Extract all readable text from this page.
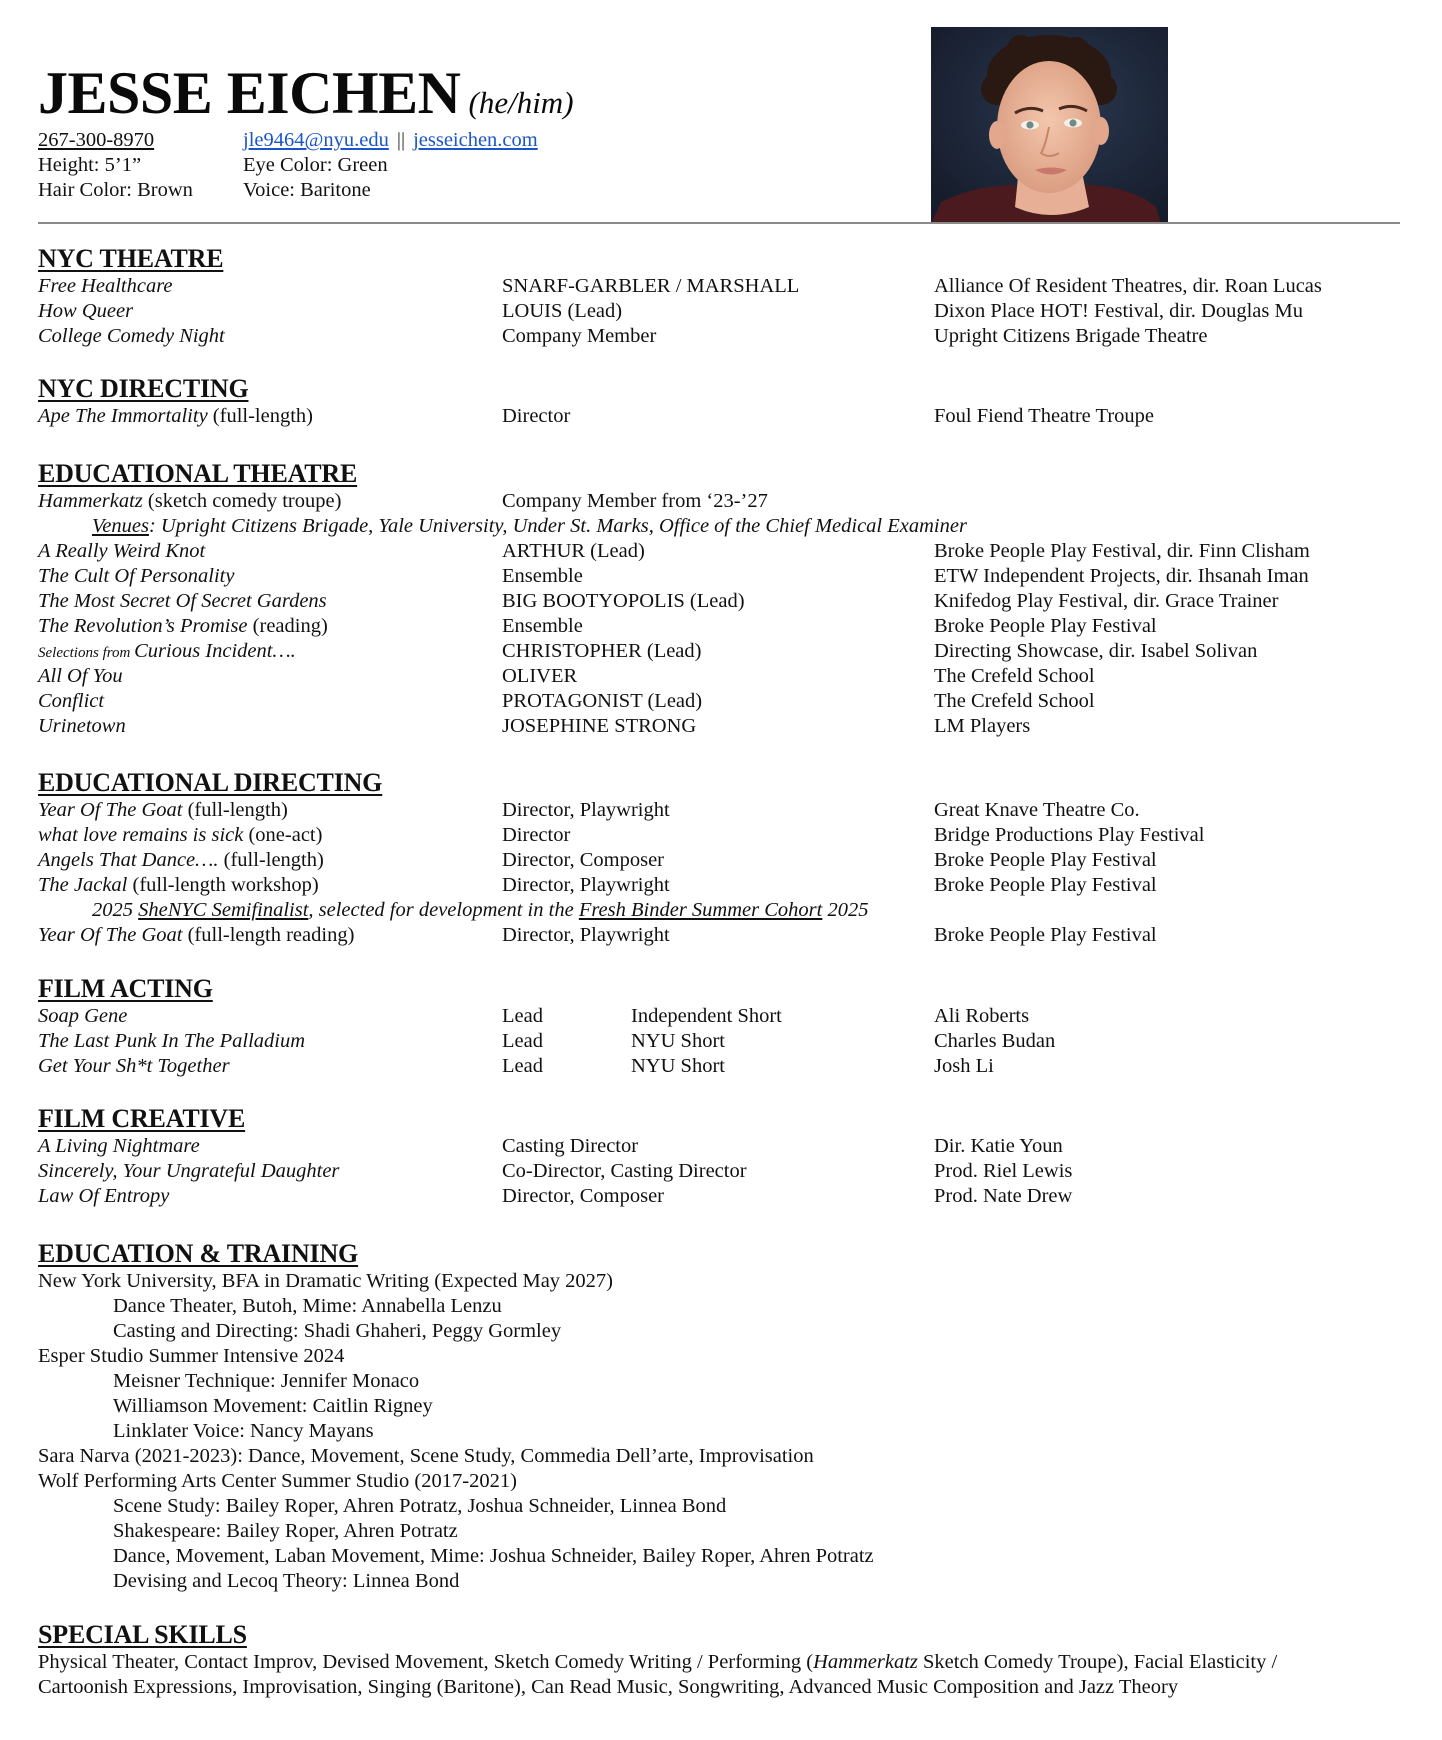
JESSE EICHEN (he/him)
267-300-8970
Height: 5’1”
Hair Color: Brown
jle9464@nyu.edu || jesseichen.com
Eye Color: Green
Voice: Baritone
NYC THEATRE
Free Healthcare	SNARF-GARBLER / MARSHALL	Alliance Of Resident Theatres, dir. Roan Lucas
How Queer	LOUIS (Lead)	Dixon Place HOT! Festival, dir. Douglas Mu
College Comedy Night	Company Member	Upright Citizens Brigade Theatre
NYC DIRECTING
Ape The Immortality (full-length)	Director	Foul Fiend Theatre Troupe
EDUCATIONAL THEATRE
Hammerkatz (sketch comedy troupe)	Company Member from ‘23-’27
Venues: Upright Citizens Brigade, Yale University, Under St. Marks, Office of the Chief Medical Examiner
A Really Weird Knot	ARTHUR (Lead)	Broke People Play Festival, dir. Finn Clisham
The Cult Of Personality	Ensemble	ETW Independent Projects, dir. Ihsanah Iman
The Most Secret Of Secret Gardens	BIG BOOTYOPOLIS (Lead)	Knifedog Play Festival, dir. Grace Trainer
The Revolution’s Promise (reading)	Ensemble	Broke People Play Festival
Selections from Curious Incident….	CHRISTOPHER (Lead)	Directing Showcase, dir. Isabel Solivan
All Of You	OLIVER	The Crefeld School
Conflict	PROTAGONIST (Lead)	The Crefeld School
Urinetown	JOSEPHINE STRONG	LM Players
EDUCATIONAL DIRECTING
Year Of The Goat (full-length)	Director, Playwright	Great Knave Theatre Co.
what love remains is sick (one-act)	Director	Bridge Productions Play Festival
Angels That Dance…. (full-length)	Director, Composer	Broke People Play Festival
The Jackal (full-length workshop)	Director, Playwright	Broke People Play Festival
2025 SheNYC Semifinalist, selected for development in the Fresh Binder Summer Cohort 2025
Year Of The Goat (full-length reading)	Director, Playwright	Broke People Play Festival
FILM ACTING
Soap Gene	Lead	Independent Short	Ali Roberts
The Last Punk In The Palladium	Lead	NYU Short	Charles Budan
Get Your Sh*t Together	Lead	NYU Short	Josh Li
FILM CREATIVE
A Living Nightmare	Casting Director	Dir. Katie Youn
Sincerely, Your Ungrateful Daughter	Co-Director, Casting Director	Prod. Riel Lewis
Law Of Entropy	Director, Composer	Prod. Nate Drew
EDUCATION & TRAINING
New York University, BFA in Dramatic Writing (Expected May 2027)
Dance Theater, Butoh, Mime: Annabella Lenzu
Casting and Directing: Shadi Ghaheri, Peggy Gormley
Esper Studio Summer Intensive 2024
Meisner Technique: Jennifer Monaco
Williamson Movement: Caitlin Rigney
Linklater Voice: Nancy Mayans
Sara Narva (2021-2023): Dance, Movement, Scene Study, Commedia Dell’arte, Improvisation
Wolf Performing Arts Center Summer Studio (2017-2021)
Scene Study: Bailey Roper, Ahren Potratz, Joshua Schneider, Linnea Bond
Shakespeare: Bailey Roper, Ahren Potratz
Dance, Movement, Laban Movement, Mime: Joshua Schneider, Bailey Roper, Ahren Potratz
Devising and Lecoq Theory: Linnea Bond
SPECIAL SKILLS
Physical Theater, Contact Improv, Devised Movement, Sketch Comedy Writing / Performing (Hammerkatz Sketch Comedy Troupe), Facial Elasticity / Cartoonish Expressions, Improvisation, Singing (Baritone), Can Read Music, Songwriting, Advanced Music Composition and Jazz Theory
